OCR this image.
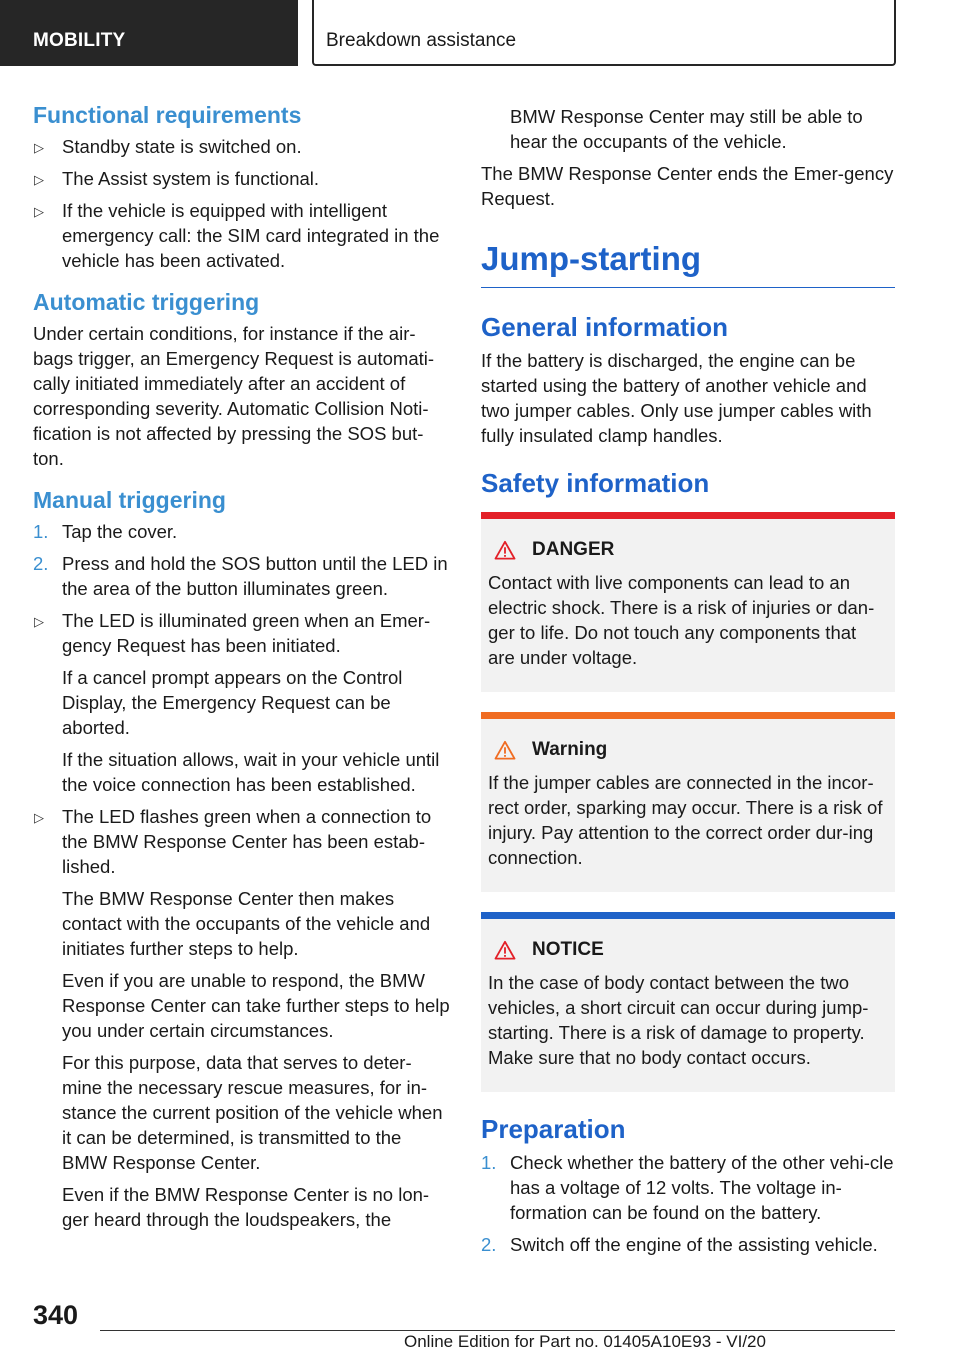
MOBILITY	Breakdown assistance
Functional requirements
▷ Standby state is switched on.
▷ The Assist system is functional.
▷ If the vehicle is equipped with intelligent emergency call: the SIM card integrated in the vehicle has been activated.
Automatic triggering

Under certain conditions, for instance if the air-bags trigger, an Emergency Request is automati-cally initiated immediately after an accident of corresponding severity. Automatic Collision Noti-fication is not affected by pressing the SOS but-ton.

Manual triggering
1. Tap the cover.
2. Press and hold the SOS button until the LED in the area of the button illuminates green.
▷ The LED is illuminated green when an Emer-gency Request has been initiated.
If a cancel prompt appears on the Control Display, the Emergency Request can be aborted.
If the situation allows, wait in your vehicle until the voice connection has been established.
▷ The LED flashes green when a connection to the BMW Response Center has been estab-lished.
The BMW Response Center then makes contact with the occupants of the vehicle and initiates further steps to help.
Even if you are unable to respond, the BMW Response Center can take further steps to help you under certain circumstances.
For this purpose, data that serves to deter-mine the necessary rescue measures, for in-stance the current position of the vehicle when it can be determined, is transmitted to the BMW Response Center.
Even if the BMW Response Center is no lon-ger heard through the loudspeakers, the

BMW Response Center may still be able to hear the occupants of the vehicle.

The BMW Response Center ends the Emer-gency Request.

Jump-starting
General information

If the battery is discharged, the engine can be started using the battery of another vehicle and two jumper cables. Only use jumper cables with fully insulated clamp handles.

Safety information
DANGER

Contact with live components can lead to an electric shock. There is a risk of injuries or dan-ger to life. Do not touch any components that are under voltage.

Warning

If the jumper cables are connected in the incor-rect order, sparking may occur. There is a risk of injury. Pay attention to the correct order dur-ing connection.

NOTICE

In the case of body contact between the two vehicles, a short circuit can occur during jump-starting. There is a risk of damage to property. Make sure that no body contact occurs.

Preparation
1. Check whether the battery of the other vehi-cle has a voltage of 12 volts. The voltage in-formation can be found on the battery.
2. Switch off the engine of the assisting vehicle.
340
Online Edition for Part no. 01405A10E93 - VI/20
